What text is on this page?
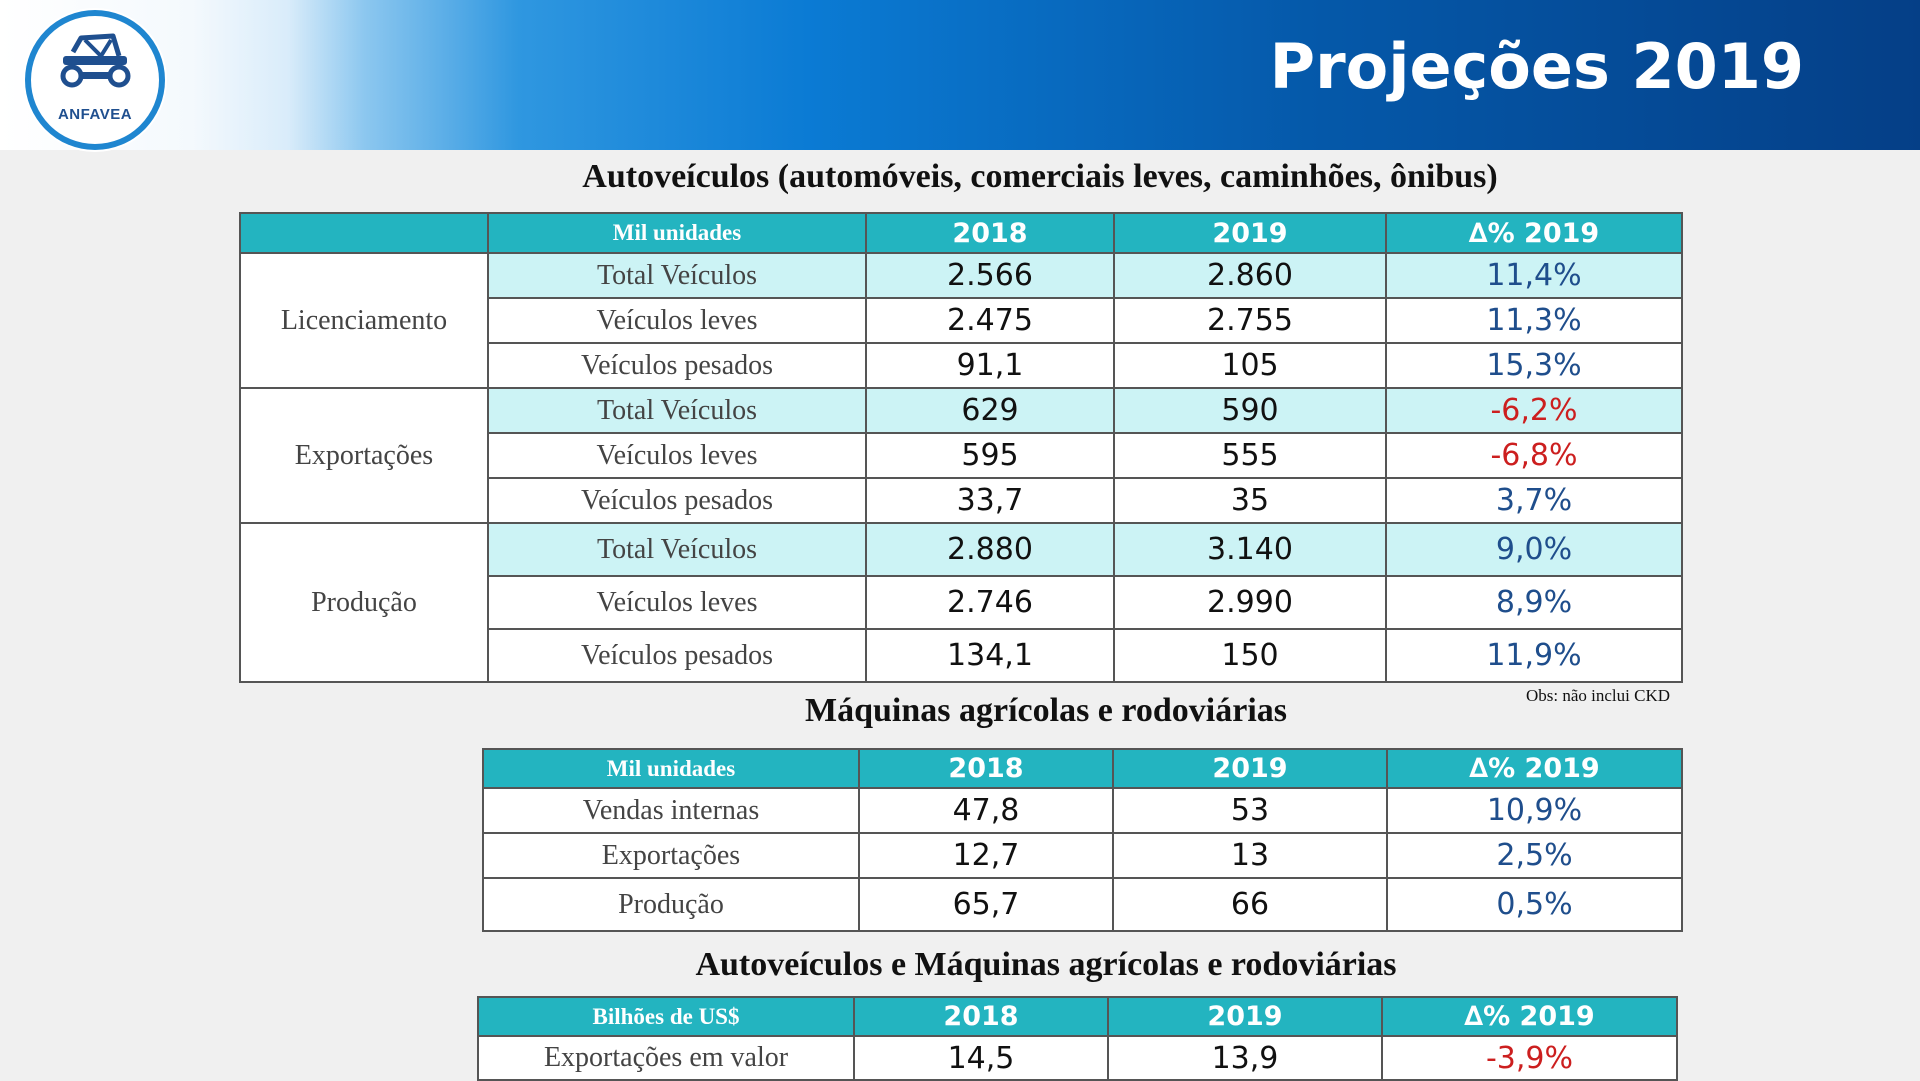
ANFAVEA
Projeções 2019
Autoveículos (automóveis, comerciais leves, caminhões, ônibus)
	Mil unidades	2018	2019	∆% 2019
Licenciamento	Total Veículos	2.566	2.860	11,4%
	Veículos leves	2.475	2.755	11,3%
	Veículos pesados	91,1	105	15,3%
Exportações	Total Veículos	629	590	-6,2%
	Veículos leves	595	555	-6,8%
	Veículos pesados	33,7	35	3,7%
Produção	Total Veículos	2.880	3.140	9,0%
	Veículos leves	2.746	2.990	8,9%
	Veículos pesados	134,1	150	11,9%

Obs: não inclui CKD

Máquinas agrícolas e rodoviárias
Mil unidades	2018	2019	∆% 2019
Vendas internas	47,8	53	10,9%
Exportações	12,7	13	2,5%
Produção	65,7	66	0,5%
Autoveículos e Máquinas agrícolas e rodoviárias
Bilhões de US$	2018	2019	∆% 2019
Exportações em valor	14,5	13,9	-3,9%
